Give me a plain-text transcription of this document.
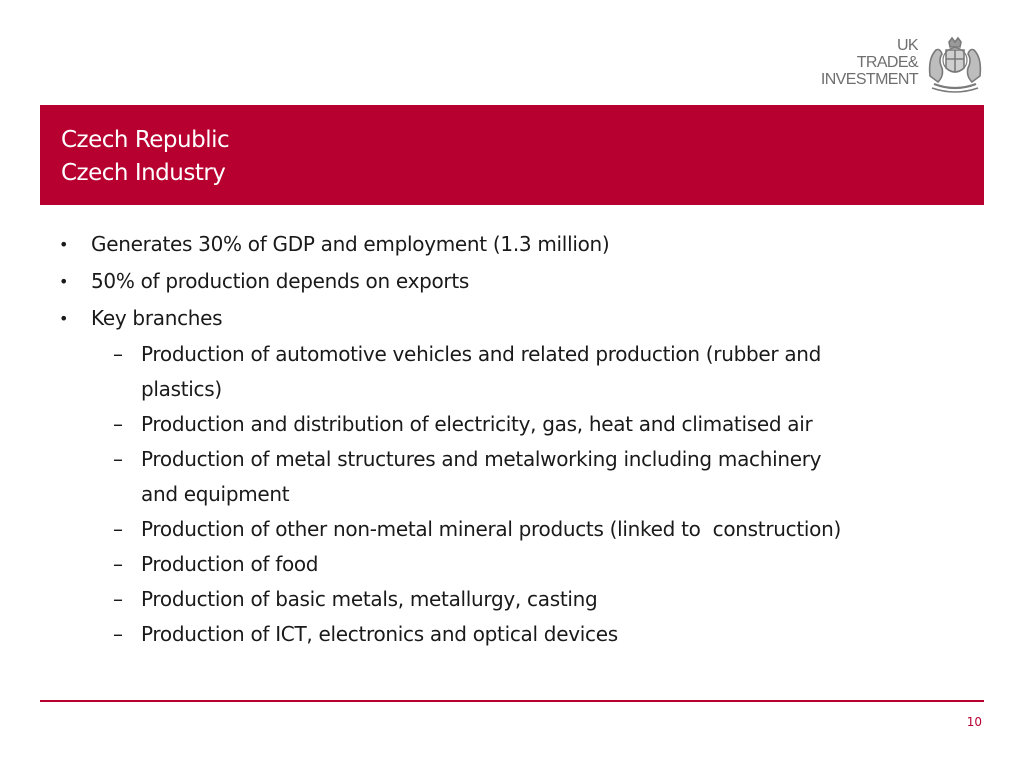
UK
TRADE&
INVESTMENT
Czech Republic
Czech Industry
• Generates 30% of GDP and employment (1.3 million)
• 50% of production depends on exports
• Key branches
– Production of automotive vehicles and related production (rubber and
plastics)
– Production and distribution of electricity, gas, heat and climatised air
– Production of metal structures and metalworking including machinery
and equipment
– Production of other non-metal mineral products (linked to  construction)
– Production of food
– Production of basic metals, metallurgy, casting
– Production of ICT, electronics and optical devices
10
